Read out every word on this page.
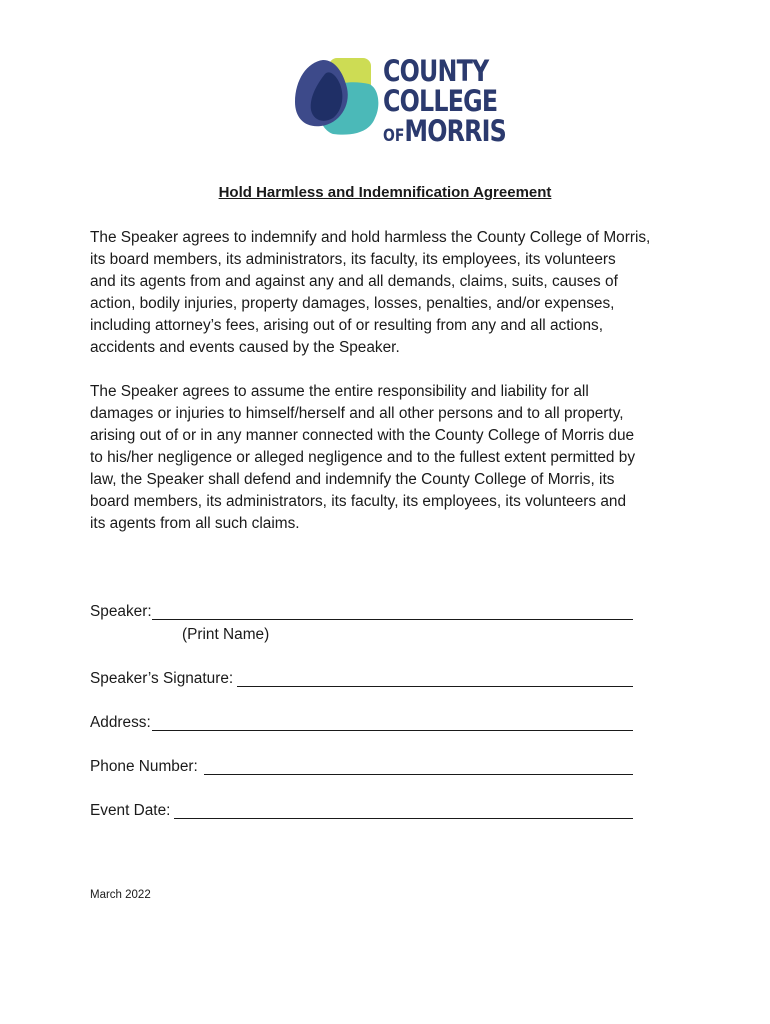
COUNTY
COLLEGE
OFMORRIS
Hold Harmless and Indemnification Agreement

The Speaker agrees to indemnify and hold harmless the County College of Morris,
its board members, its administrators, its faculty, its employees, its volunteers
and its agents from and against any and all demands, claims, suits, causes of
action, bodily injuries, property damages, losses, penalties, and/or expenses,
including attorney’s fees, arising out of or resulting from any and all actions,
accidents and events caused by the Speaker.

The Speaker agrees to assume the entire responsibility and liability for all
damages or injuries to himself/herself and all other persons and to all property,
arising out of or in any manner connected with the County College of Morris due
to his/her negligence or alleged negligence and to the fullest extent permitted by
law, the Speaker shall defend and indemnify the County College of Morris, its
board members, its administrators, its faculty, its employees, its volunteers and
its agents from all such claims.

Speaker:
(Print Name)
Speaker’s Signature:
Address:
Phone Number:
Event Date:
March 2022
